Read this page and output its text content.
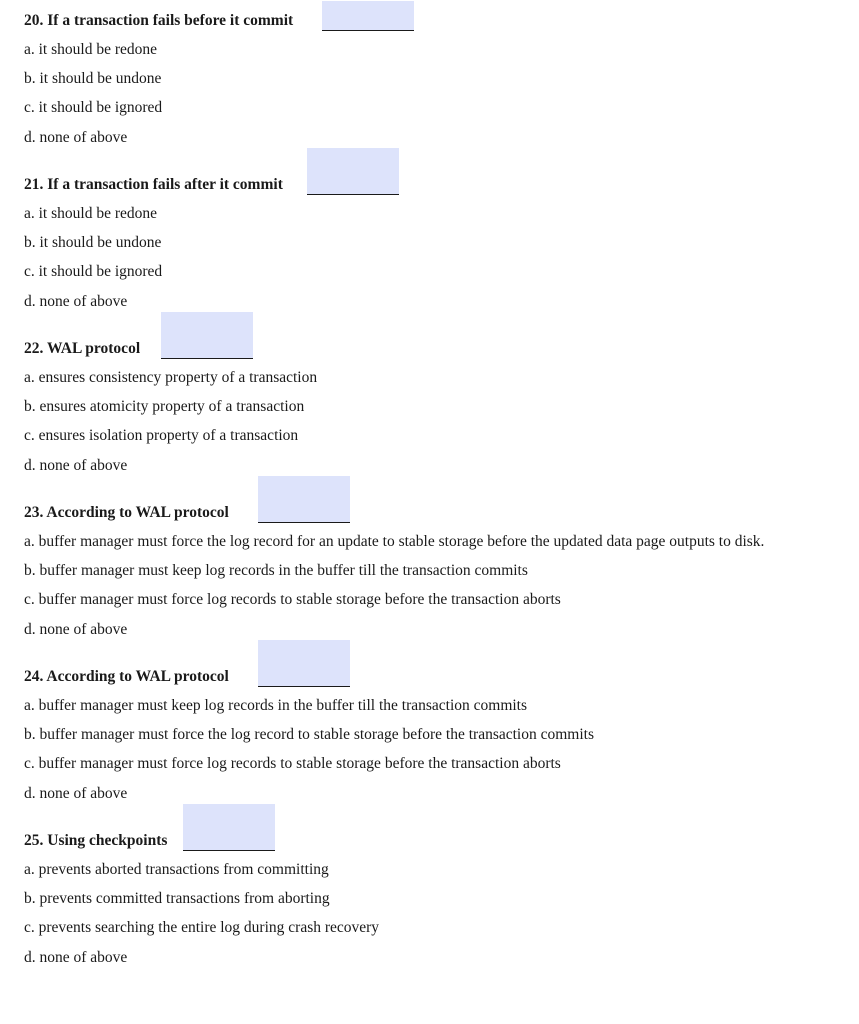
20. If a transaction fails before it commit
a. it should be redone
b. it should be undone
c. it should be ignored
d. none of above
21. If a transaction fails after it commit
a. it should be redone
b. it should be undone
c. it should be ignored
d. none of above
22. WAL protocol
a. ensures consistency property of a transaction
b. ensures atomicity property of a transaction
c. ensures isolation property of a transaction
d. none of above
23. According to WAL protocol
a. buffer manager must force the log record for an update to stable storage before the updated data page outputs to disk.
b. buffer manager must keep log records in the buffer till the transaction commits
c. buffer manager must force log records to stable storage before the transaction aborts
d. none of above
24. According to WAL protocol
a. buffer manager must keep log records in the buffer till the transaction commits
b. buffer manager must force the log record to stable storage before the transaction commits
c. buffer manager must force log records to stable storage before the transaction aborts
d. none of above
25. Using checkpoints
a. prevents aborted transactions from committing
b. prevents committed transactions from aborting
c. prevents searching the entire log during crash recovery
d. none of above
